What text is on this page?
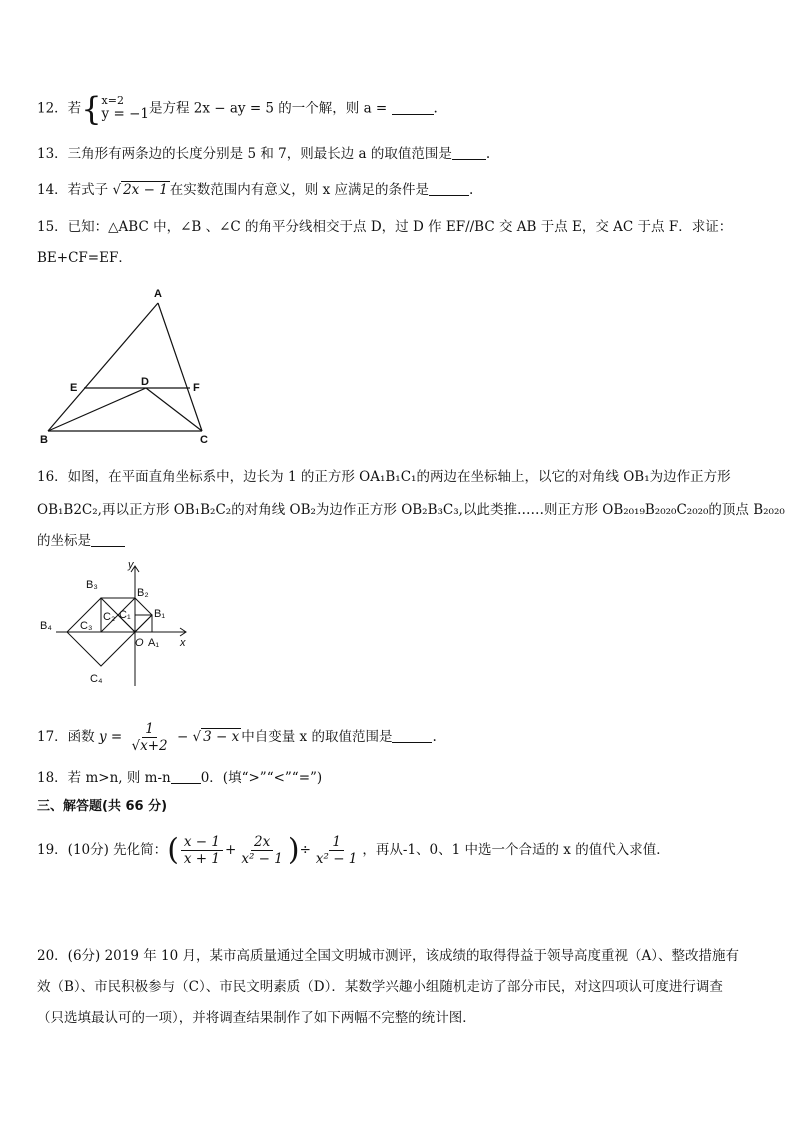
12．若{ x=2
y = −1 是方程 2x − ay = 5 的一个解，则 a =	.
13．三角形有两条边的长度分别是 5 和 7，则最长边 a 的取值范围是	.
14．若式子 √ 2x − 1 在实数范围内有意义，则 x 应满足的条件是	.
15．已知：△ABC 中，∠B 、∠C 的角平分线相交于点 D，过 D 作 EF//BC 交 AB 于点 E，交 AC 于点 F．求证：
BE+CF=EF．
A
B	C
D
E	F
16．如图，在平面直角坐标系中，边长为 1 的正方形 OA₁B₁C₁的两边在坐标轴上，以它的对角线 OB₁为边作正方形
OB₁B2C₂,再以正方形 OB₁B₂C₂的对角线 OB₂为边作正方形 OB₂B₃C₃,以此类推……则正方形 OB₂₀₁₉B₂₀₂₀C₂₀₂₀的顶点 B₂₀₂₀
的坐标是
y
x
O A₁
B₁
B₂
B₃
B₄
C₁
C₂
C₃
C₄
17．函数 $y = \frac{1}{√x+2}$ − √ 3 − x 中自变量 x 的取值范围是	.
18．若 m>n, 则 m-n 0．(填“>”“<”“=”)
三、解答题(共 66 分)
19．(10分) 先化简：( $\frac{x - 1}{x + 1} + \frac{2x}{\text{x² − 1}}$ )÷ $\frac{1}{\text{x² − 1}}$ ，再从-1、0、1 中选一个合适的 x 的值代入求值．
20．(6分) 2019 年 10 月，某市高质量通过全国文明城市测评，该成绩的取得得益于领导高度重视（A）、整改措施有
效（B）、市民积极参与（C）、市民文明素质（D）．某数学兴趣小组随机走访了部分市民，对这四项认可度进行调查
（只选填最认可的一项），并将调查结果制作了如下两幅不完整的统计图．
